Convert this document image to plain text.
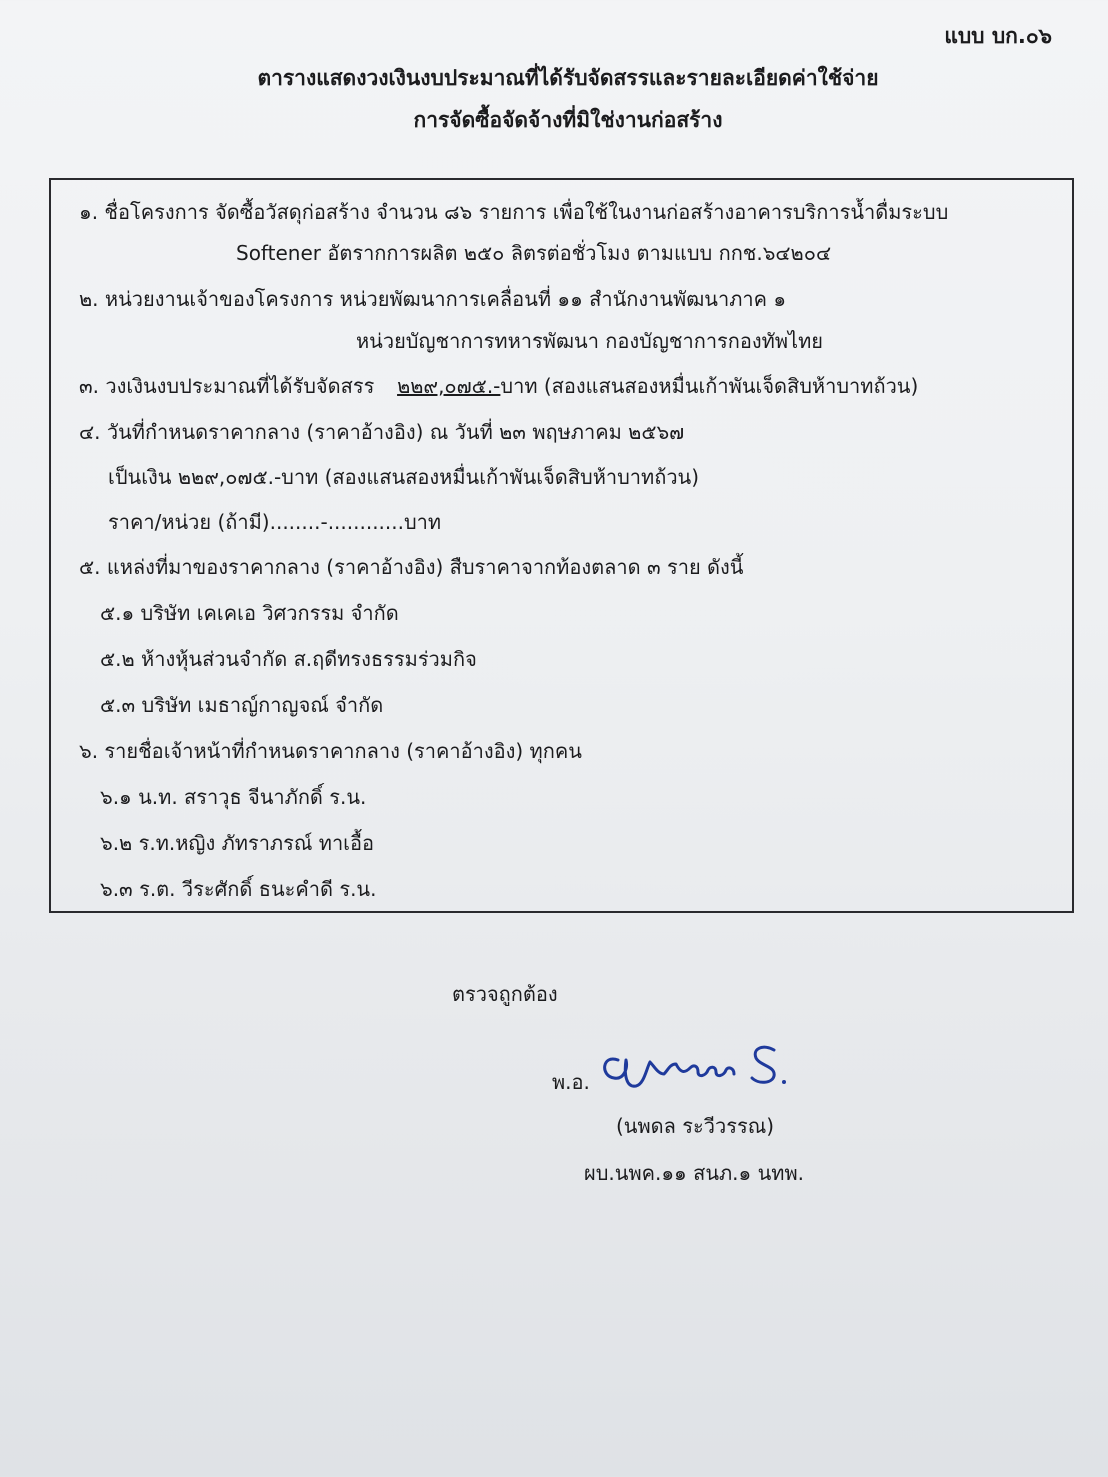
แบบ บก.๐๖
ตารางแสดงวงเงินงบประมาณที่ได้รับจัดสรรและรายละเอียดค่าใช้จ่าย
การจัดซื้อจัดจ้างที่มิใช่งานก่อสร้าง
๑. ชื่อโครงการ จัดซื้อวัสดุก่อสร้าง จำนวน ๘๖ รายการ เพื่อใช้ในงานก่อสร้างอาคารบริการน้ำดื่มระบบ
Softener อัตรากการผลิต ๒๕๐ ลิตรต่อชั่วโมง ตามแบบ กกช.๖๔๒๐๔
๒. หน่วยงานเจ้าของโครงการ หน่วยพัฒนาการเคลื่อนที่ ๑๑ สำนักงานพัฒนาภาค ๑
หน่วยบัญชาการทหารพัฒนา กองบัญชาการกองทัพไทย
๓. วงเงินงบประมาณที่ได้รับจัดสรร ๒๒๙,๐๗๕.-บาท (สองแสนสองหมื่นเก้าพันเจ็ดสิบห้าบาทถ้วน)
๔. วันที่กำหนดราคากลาง (ราคาอ้างอิง) ณ วันที่ ๒๓ พฤษภาคม ๒๕๖๗
เป็นเงิน ๒๒๙,๐๗๕.-บาท (สองแสนสองหมื่นเก้าพันเจ็ดสิบห้าบาทถ้วน)
ราคา/หน่วย (ถ้ามี)........-............บาท
๕. แหล่งที่มาของราคากลาง (ราคาอ้างอิง) สืบราคาจากท้องตลาด ๓ ราย ดังนี้
๕.๑ บริษัท เคเคเอ วิศวกรรม จำกัด
๕.๒ ห้างหุ้นส่วนจำกัด ส.ฤดีทรงธรรมร่วมกิจ
๕.๓ บริษัท เมธาญ์กาญจณ์ จำกัด
๖. รายชื่อเจ้าหน้าที่กำหนดราคากลาง (ราคาอ้างอิง) ทุกคน
๖.๑ น.ท. สราวุธ จีนาภักดิ์ ร.น.
๖.๒ ร.ท.หญิง ภัทราภรณ์ ทาเอื้อ
๖.๓ ร.ต. วีระศักดิ์ ธนะคำดี ร.น.
ตรวจถูกต้อง
พ.อ.
(นพดล ระวีวรรณ)
ผบ.นพค.๑๑ สนภ.๑ นทพ.
